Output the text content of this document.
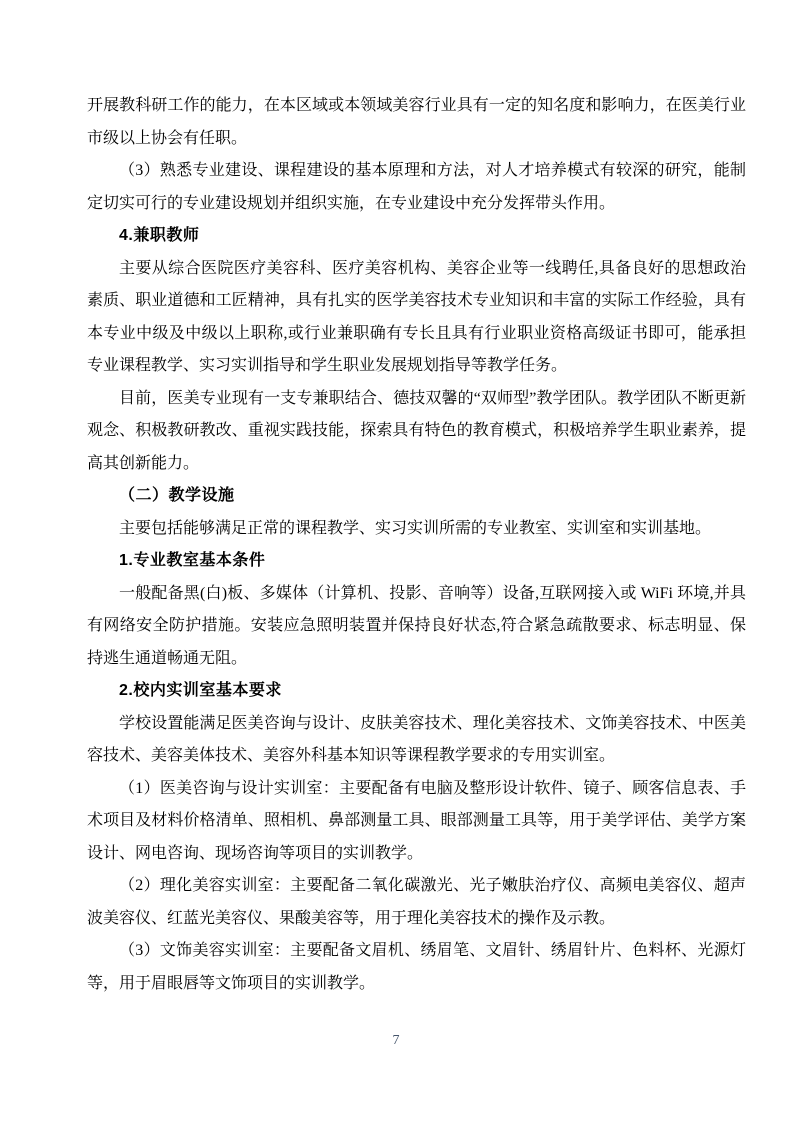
开展教科研工作的能力，在本区域或本领域美容行业具有一定的知名度和影响力，在医美行业市级以上协会有任职。

（3）熟悉专业建设、课程建设的基本原理和方法，对人才培养模式有较深的研究，能制定切实可行的专业建设规划并组织实施，在专业建设中充分发挥带头作用。

4.兼职教师

主要从综合医院医疗美容科、医疗美容机构、美容企业等一线聘任,具备良好的思想政治素质、职业道德和工匠精神，具有扎实的医学美容技术专业知识和丰富的实际工作经验，具有本专业中级及中级以上职称,或行业兼职确有专长且具有行业职业资格高级证书即可，能承担专业课程教学、实习实训指导和学生职业发展规划指导等教学任务。

目前，医美专业现有一支专兼职结合、德技双馨的“双师型”教学团队。教学团队不断更新观念、积极教研教改、重视实践技能，探索具有特色的教育模式，积极培养学生职业素养，提高其创新能力。

（二）教学设施

主要包括能够满足正常的课程教学、实习实训所需的专业教室、实训室和实训基地。

1.专业教室基本条件

一般配备黑(白)板、多媒体（计算机、投影、音响等）设备,互联网接入或 WiFi 环境,并具有网络安全防护措施。安装应急照明装置并保持良好状态,符合紧急疏散要求、标志明显、保持逃生通道畅通无阻。

2.校内实训室基本要求

学校设置能满足医美咨询与设计、皮肤美容技术、理化美容技术、文饰美容技术、中医美容技术、美容美体技术、美容外科基本知识等课程教学要求的专用实训室。

（1）医美咨询与设计实训室：主要配备有电脑及整形设计软件、镜子、顾客信息表、手术项目及材料价格清单、照相机、鼻部测量工具、眼部测量工具等，用于美学评估、美学方案设计、网电咨询、现场咨询等项目的实训教学。

（2）理化美容实训室：主要配备二氧化碳激光、光子嫩肤治疗仪、高频电美容仪、超声波美容仪、红蓝光美容仪、果酸美容等，用于理化美容技术的操作及示教。

（3）文饰美容实训室：主要配备文眉机、绣眉笔、文眉针、绣眉针片、色料杯、光源灯等，用于眉眼唇等文饰项目的实训教学。

7
